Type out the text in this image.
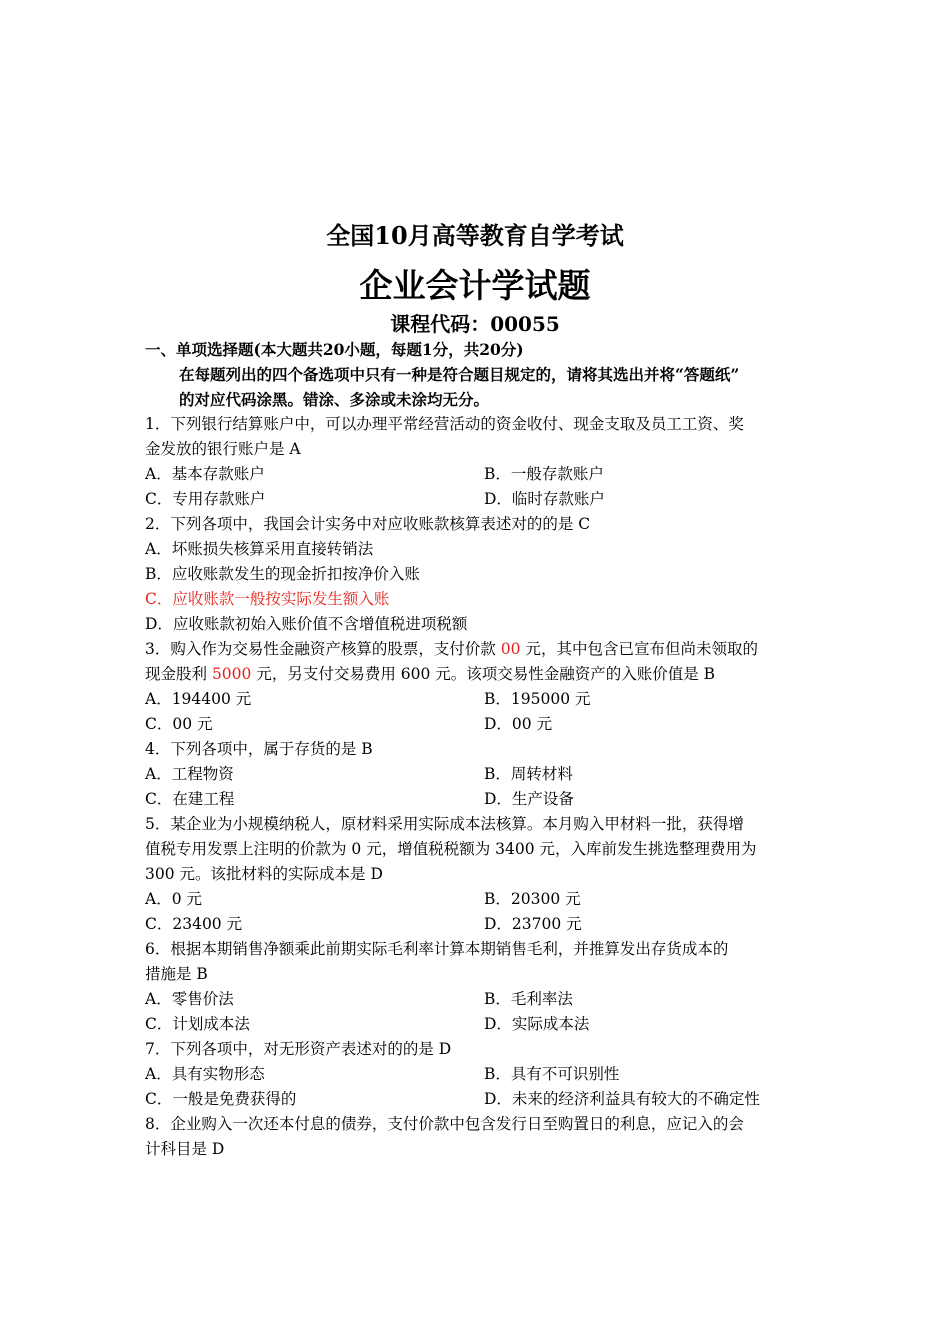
全国10月高等教育自学考试
企业会计学试题
课程代码：00055
一、单项选择题(本大题共20小题，每题1分，共20分)
在每题列出的四个备选项中只有一种是符合题目规定的，请将其选出并将“答题纸”
的对应代码涂黑。错涂、多涂或未涂均无分。
1．下列银行结算账户中，可以办理平常经营活动的资金收付、现金支取及员工工资、奖
金发放的银行账户是 A
A．基本存款账户	B．一般存款账户
C．专用存款账户	D．临时存款账户
2．下列各项中，我国会计实务中对应收账款核算表述对的的是 C
A．坏账损失核算采用直接转销法
B．应收账款发生的现金折扣按净价入账
C．应收账款一般按实际发生额入账
D．应收账款初始入账价值不含增值税进项税额
3．购入作为交易性金融资产核算的股票，支付价款 00 元，其中包含已宣布但尚未领取的
现金股利 5000 元，另支付交易费用 600 元。该项交易性金融资产的入账价值是 B
A．194400 元	B．195000 元
C．00 元	D．00 元
4．下列各项中，属于存货的是 B
A．工程物资	B．周转材料
C．在建工程	D．生产设备
5．某企业为小规模纳税人，原材料采用实际成本法核算。本月购入甲材料一批，获得增
值税专用发票上注明的价款为 0 元，增值税税额为 3400 元，入库前发生挑选整理费用为
300 元。该批材料的实际成本是 D
A．0 元	B．20300 元
C．23400 元	D．23700 元
6．根据本期销售净额乘此前期实际毛利率计算本期销售毛利，并推算发出存货成本的
措施是 B
A．零售价法	B．毛利率法
C．计划成本法	D．实际成本法
7．下列各项中，对无形资产表述对的的是 D
A．具有实物形态	B．具有不可识别性
C．一般是免费获得的	D．未来的经济利益具有较大的不确定性
8．企业购入一次还本付息的债券，支付价款中包含发行日至购置日的利息，应记入的会
计科目是 D
